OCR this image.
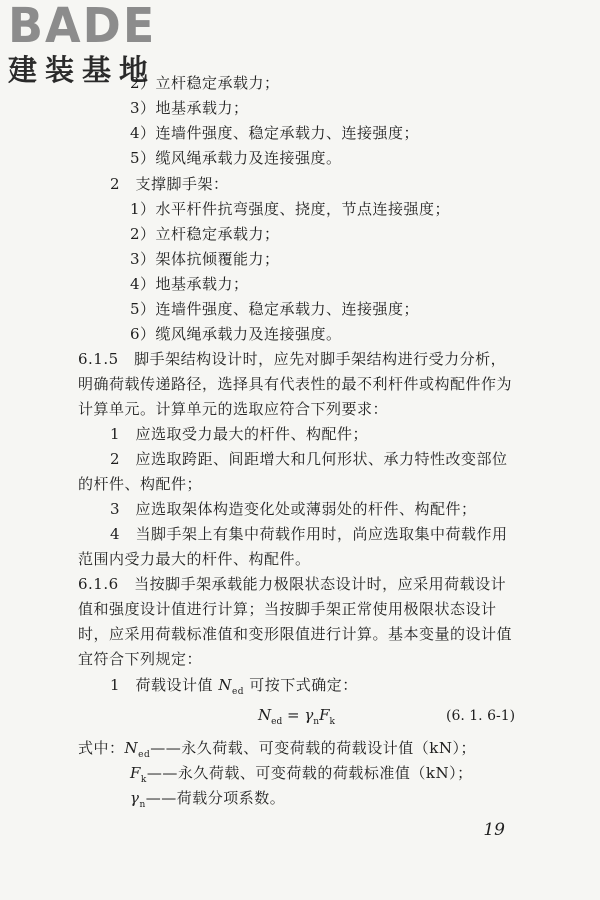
BADE
建装基地
2）立杆稳定承载力；
3）地基承载力；
4）连墙件强度、稳定承载力、连接强度；
5）缆风绳承载力及连接强度。
2　支撑脚手架：
1）水平杆件抗弯强度、挠度，节点连接强度；
2）立杆稳定承载力；
3）架体抗倾覆能力；
4）地基承载力；
5）连墙件强度、稳定承载力、连接强度；
6）缆风绳承载力及连接强度。
6.1.5　脚手架结构设计时，应先对脚手架结构进行受力分析，
明确荷载传递路径，选择具有代表性的最不利杆件或构配件作为
计算单元。计算单元的选取应符合下列要求：
1　应选取受力最大的杆件、构配件；
2　应选取跨距、间距增大和几何形状、承力特性改变部位
的杆件、构配件；
3　应选取架体构造变化处或薄弱处的杆件、构配件；
4　当脚手架上有集中荷载作用时，尚应选取集中荷载作用
范围内受力最大的杆件、构配件。
6.1.6　当按脚手架承载能力极限状态设计时，应采用荷载设计
值和强度设计值进行计算；当按脚手架正常使用极限状态设计
时，应采用荷载标准值和变形限值进行计算。基本变量的设计值
宜符合下列规定：
1　荷载设计值 $N_{ed}$ 可按下式确定：
$N_{ed} = \gamma_nF_k$	(6. 1. 6-1)
式中：$N_{ed}——$永久荷载、可变荷载的荷载设计值（kN）；
$F_k——$永久荷载、可变荷载的荷载标准值（kN）；
$\gamma_n——$荷载分项系数。
19
